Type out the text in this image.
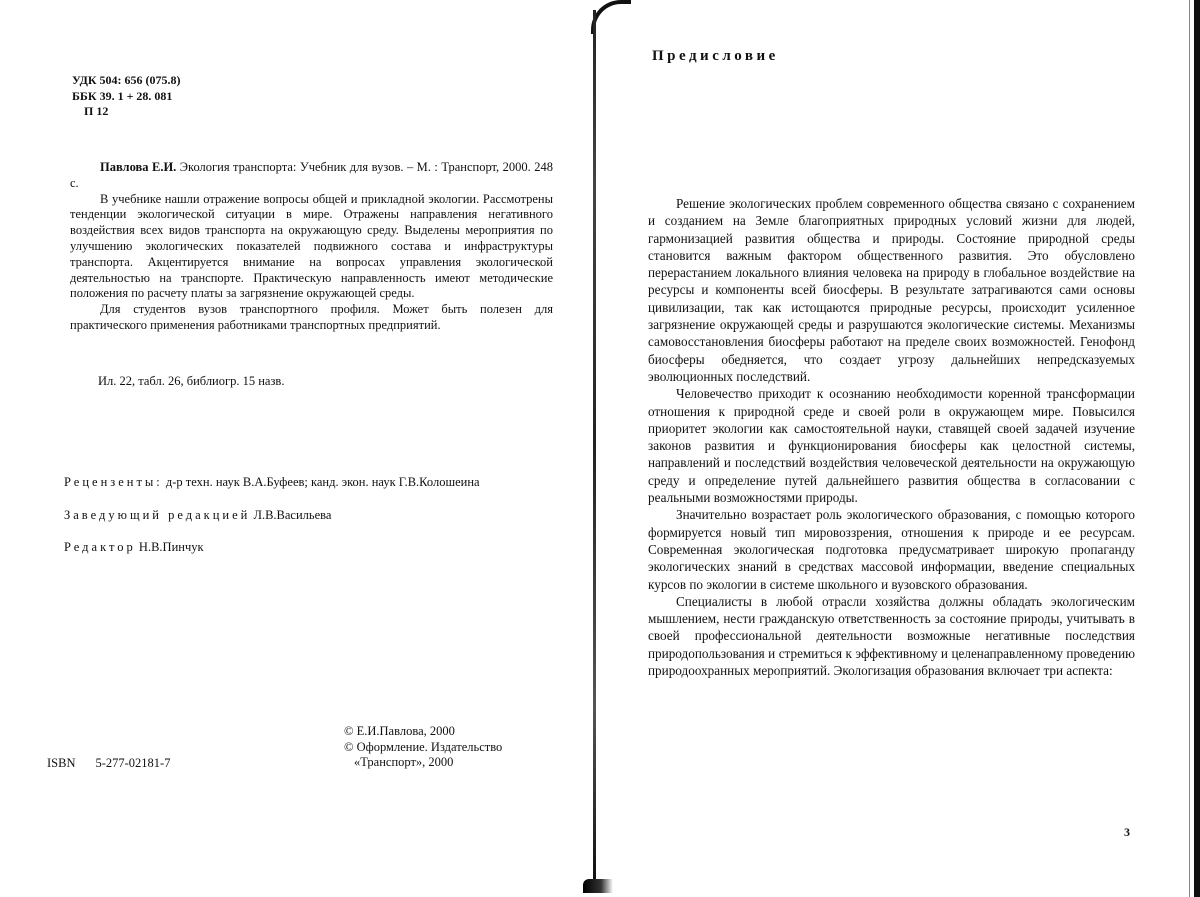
УДК 504: 656 (075.8)
ББК 39. 1 + 28. 081
П 12

Павлова Е.И. Экология транспорта: Учебник для вузов. – М. : Транспорт, 2000. 248 с.

В учебнике нашли отражение вопросы общей и прикладной экологии. Рассмотрены тенденции экологической ситуации в мире. Отражены направления негативного воздействия всех видов транспорта на окружающую среду. Выделены мероприятия по улучшению экологических показателей подвижного состава и инфраструктуры транспорта. Акцентируется внимание на вопросах управления экологической деятельностью на транспорте. Практическую направленность имеют методические положения по расчету платы за загрязнение окружающей среды.

Для студентов вузов транспортного профиля. Может быть полезен для практического применения работниками транспортных предприятий.

Ил. 22, табл. 26, библиогр. 15 назв.
Рецензенты: д-р техн. наук В.А.Буфеев; канд. экон. наук Г.В.Колошеина
Заведующий редакцией Л.В.Васильева
Редактор Н.В.Пинчук
© Е.И.Павлова, 2000
© Оформление. Издательство
«Транспорт», 2000
ISBN 5-277-02181-7
Предисловие

Решение экологических проблем современного общества связано с сохранением и созданием на Земле благоприятных природных условий жизни для людей, гармонизацией развития общества и природы. Состояние природной среды становится важным фактором общественного развития. Это обусловлено перерастанием локального влияния человека на природу в глобальное воздействие на ресурсы и компоненты всей биосферы. В результате затрагиваются сами основы цивилизации, так как истощаются природные ресурсы, происходит усиленное загрязнение окружающей среды и разрушаются экологические системы. Механизмы самовосстановления биосферы работают на пределе своих возможностей. Генофонд биосферы обедняется, что создает угрозу дальнейших непредсказуемых эволюционных последствий.

Человечество приходит к осознанию необходимости коренной трансформации отношения к природной среде и своей роли в окружающем мире. Повысился приоритет экологии как самостоятельной науки, ставящей своей задачей изучение законов развития и функционирования биосферы как целостной системы, направлений и последствий воздействия человеческой деятельности на окружающую среду и определение путей дальнейшего развития общества в согласовании с реальными возможностями природы.

Значительно возрастает роль экологического образования, с помощью которого формируется новый тип мировоззрения, отношения к природе и ее ресурсам. Современная экологическая подготовка предусматривает широкую пропаганду экологических знаний в средствах массовой информации, введение специальных курсов по экологии в системе школьного и вузовского образования.

Специалисты в любой отрасли хозяйства должны обладать экологическим мышлением, нести гражданскую ответственность за состояние природы, учитывать в своей профессиональной деятельности возможные негативные последствия природопользования и стремиться к эффективному и целенаправленному проведению природоохранных мероприятий. Экологизация образования включает три аспекта:

3
